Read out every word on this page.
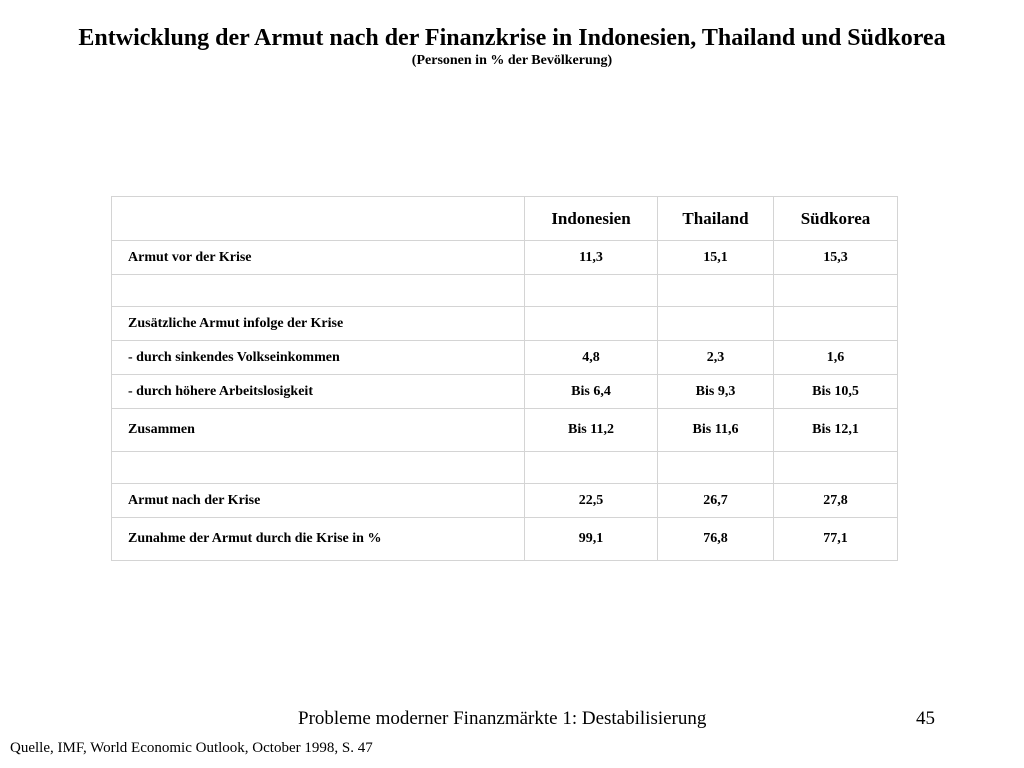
Entwicklung der Armut nach der Finanzkrise in Indonesien, Thailand und Südkorea
(Personen in % der Bevölkerung)
	Indonesien	Thailand	Südkorea
Armut vor der Krise	11,3	15,1	15,3

Zusätzliche Armut infolge der Krise			
- durch sinkendes Volkseinkommen	4,8	2,3	1,6
- durch höhere Arbeitslosigkeit	Bis 6,4	Bis 9,3	Bis 10,5
Zusammen	Bis 11,2	Bis 11,6	Bis 12,1

Armut nach der Krise	22,5	26,7	27,8
Zunahme der Armut durch die Krise in %	99,1	76,8	77,1
Probleme moderner Finanzmärkte 1: Destabilisierung	45
Quelle, IMF, World Economic Outlook, October 1998, S. 47
